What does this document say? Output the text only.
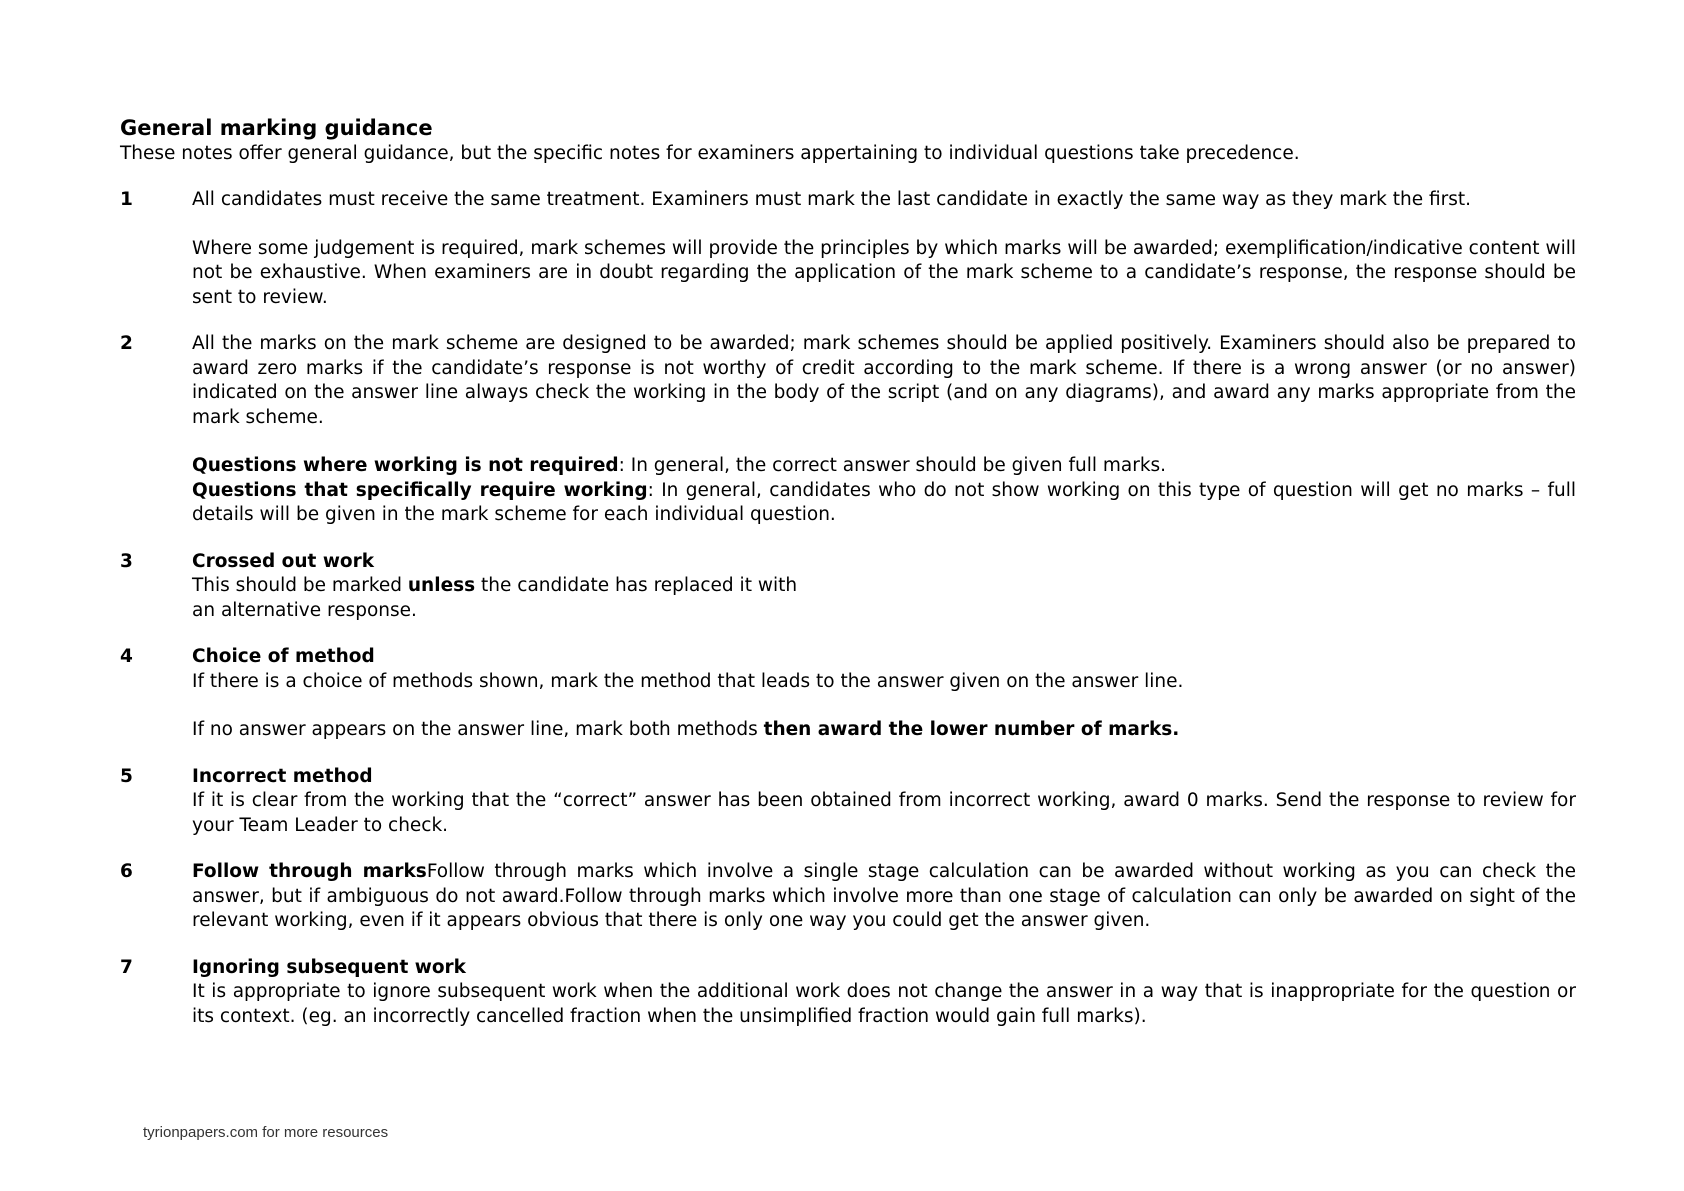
General marking guidance

These notes offer general guidance, but the specific notes for examiners appertaining to individual questions take precedence.

1	All candidates must receive the same treatment. Examiners must mark the last candidate in exactly the same way as they mark the first.

Where some judgement is required, mark schemes will provide the principles by which marks will be awarded; exemplification/indicative content will not be exhaustive. When examiners are in doubt regarding the application of the mark scheme to a candidate’s response, the response should be sent to review.

2	All the marks on the mark scheme are designed to be awarded; mark schemes should be applied positively. Examiners should also be prepared to award zero marks if the candidate’s response is not worthy of credit according to the mark scheme. If there is a wrong answer (or no answer) indicated on the answer line always check the working in the body of the script (and on any diagrams), and award any marks appropriate from the mark scheme.

Questions where working is not required: In general, the correct answer should be given full marks.

Questions that specifically require working: In general, candidates who do not show working on this type of question will get no marks – full details will be given in the mark scheme for each individual question.

3	Crossed out work

This should be marked unless the candidate has replaced it with

an alternative response.

4	Choice of method

If there is a choice of methods shown, mark the method that leads to the answer given on the answer line.

If no answer appears on the answer line, mark both methods then award the lower number of marks.

5	Incorrect method

If it is clear from the working that the “correct” answer has been obtained from incorrect working, award 0 marks. Send the response to review for your Team Leader to check.

6	Follow through marksFollow through marks which involve a single stage calculation can be awarded without working as you can check the answer, but if ambiguous do not award.Follow through marks which involve more than one stage of calculation can only be awarded on sight of the relevant working, even if it appears obvious that there is only one way you could get the answer given.

7	Ignoring subsequent work

It is appropriate to ignore subsequent work when the additional work does not change the answer in a way that is inappropriate for the question or its context. (eg. an incorrectly cancelled fraction when the unsimplified fraction would gain full marks).

tyrionpapers.com for more resources
